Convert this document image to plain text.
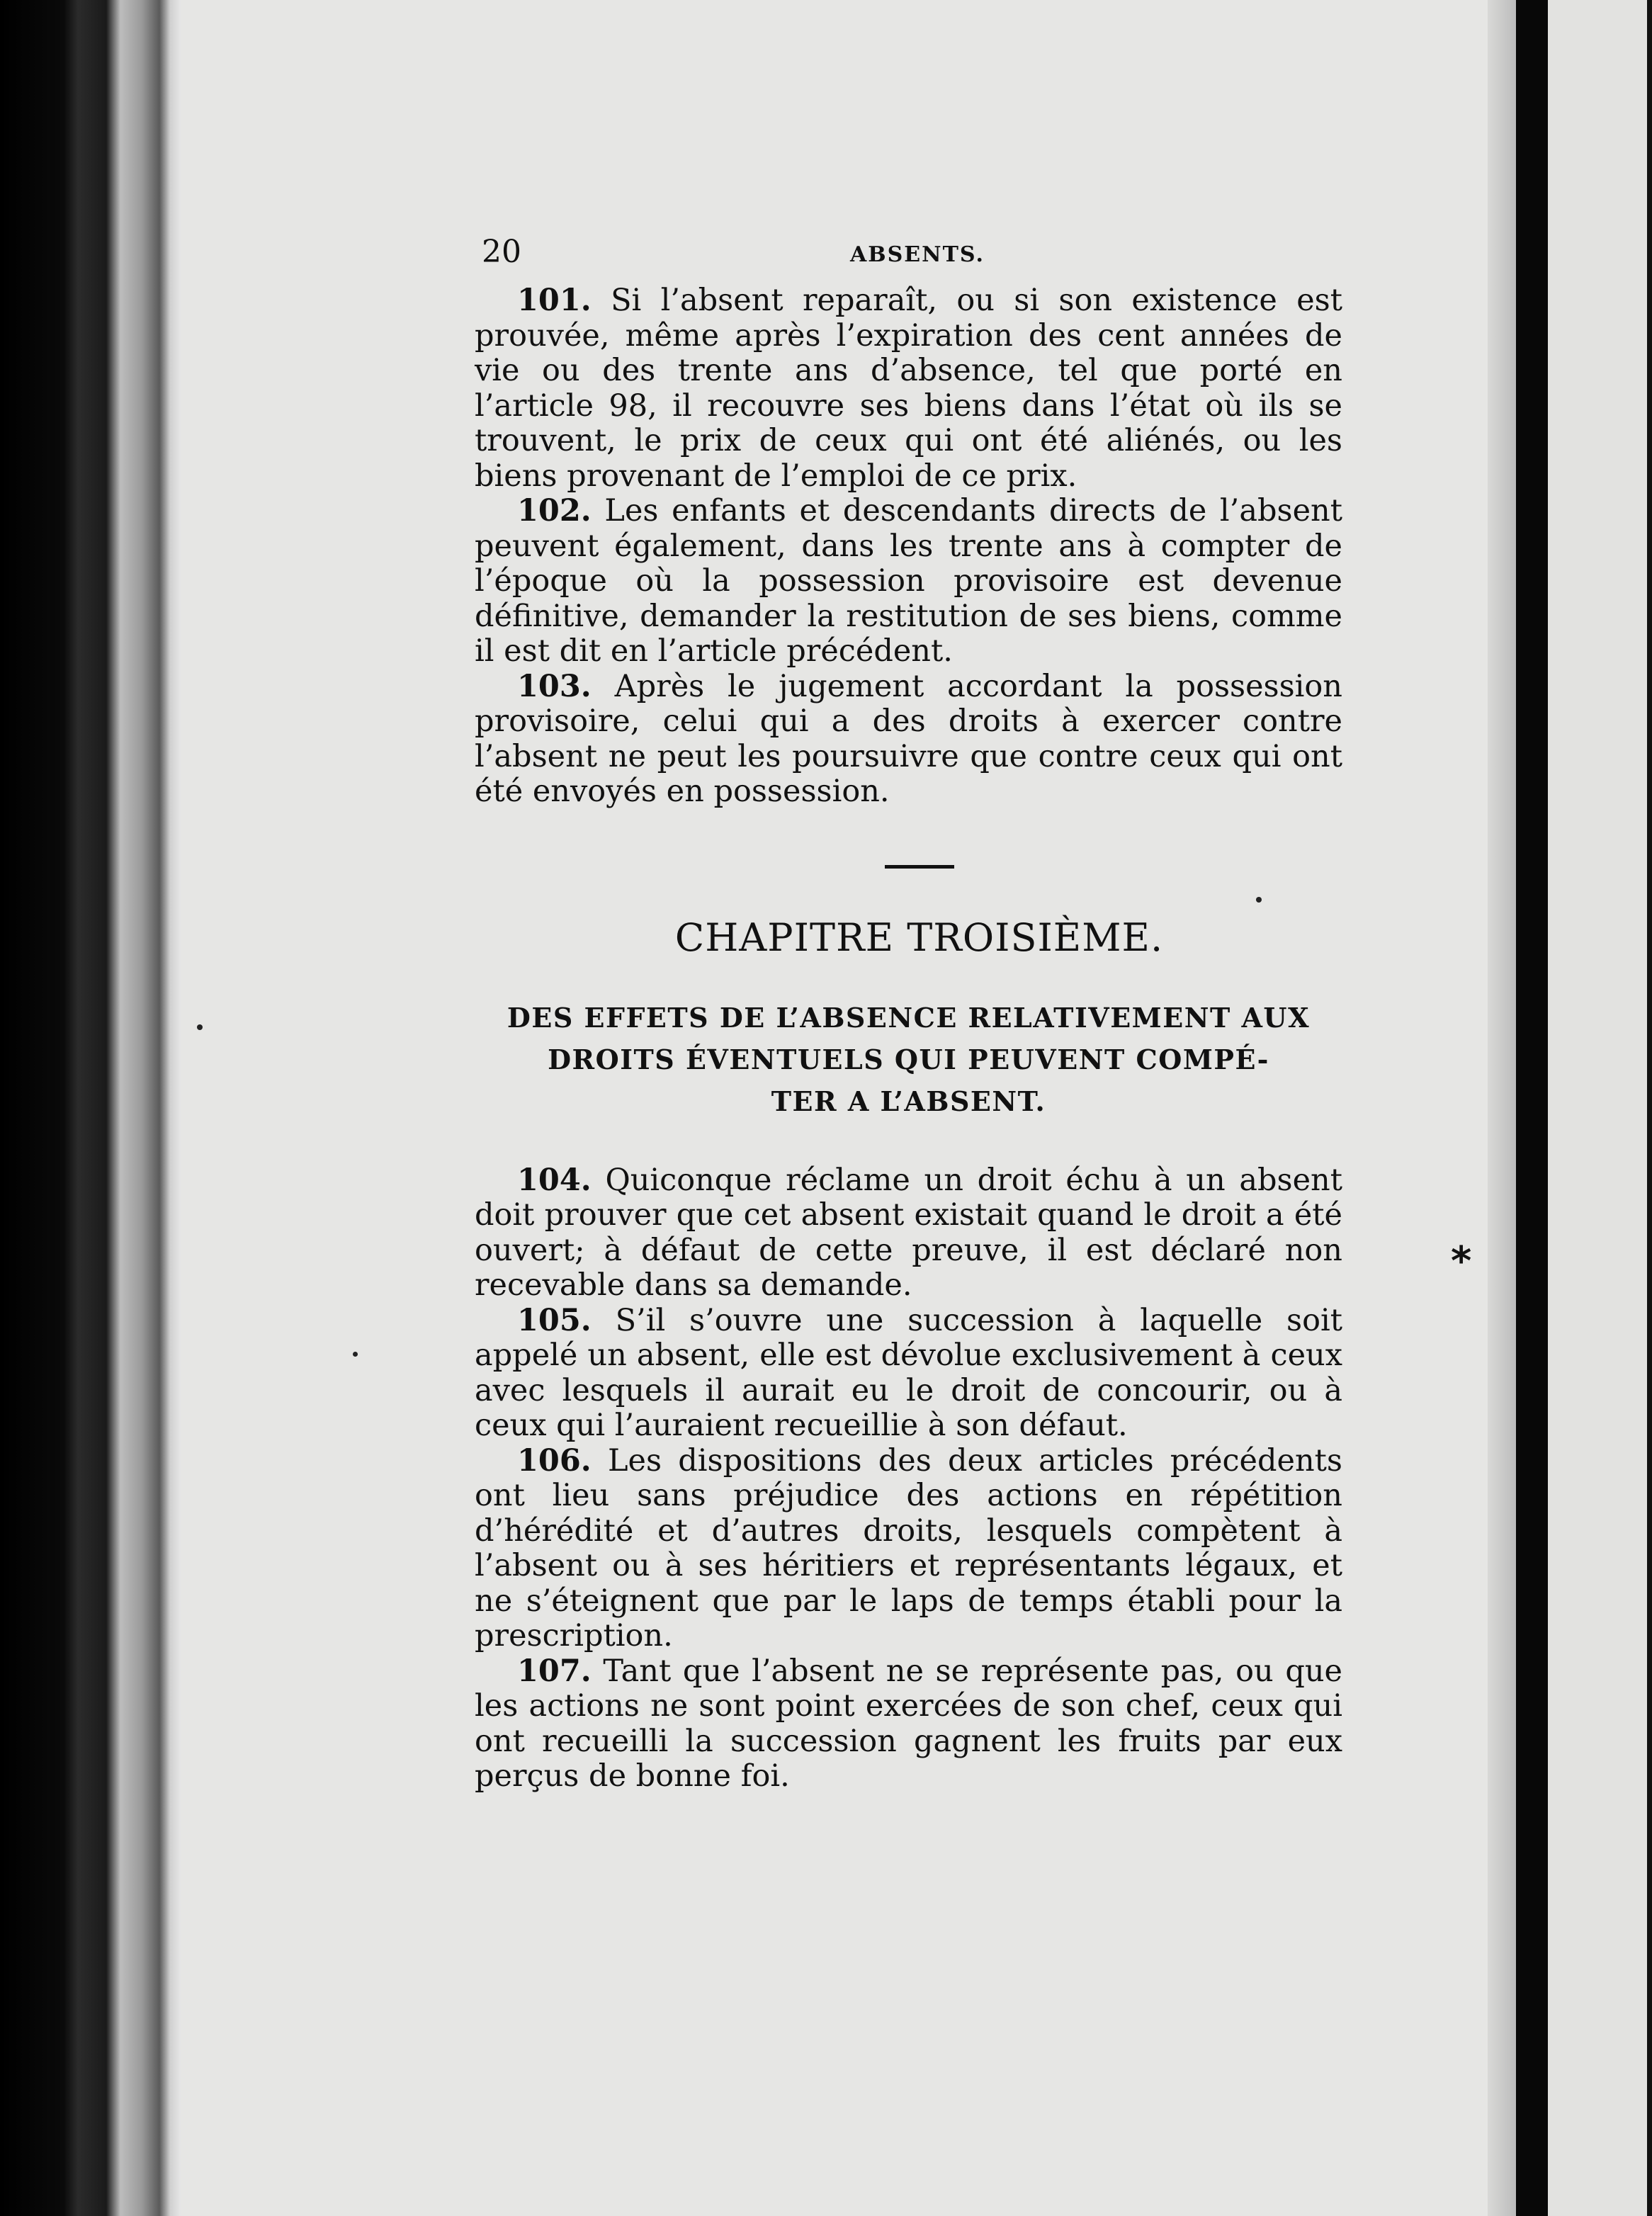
20	ABSENTS.

101. Si l’absent reparaît, ou si son existence est prouvée, même après l’expiration des cent années de vie ou des trente ans d’absence, tel que porté en l’article 98, il recouvre ses biens dans l’état où ils se trouvent, le prix de ceux qui ont été aliénés, ou les biens provenant de l’emploi de ce prix.

102. Les enfants et descendants directs de l’absent peuvent également, dans les trente ans à compter de l’époque où la possession provisoire est devenue définitive, demander la restitution de ses biens, comme il est dit en l’article précédent.

103. Après le jugement accordant la possession provisoire, celui qui a des droits à exercer contre l’absent ne peut les poursuivre que contre ceux qui ont été envoyés en possession.

CHAPITRE TROISIÈME.
DES EFFETS DE L’ABSENCE RELATIVEMENT AUX
DROITS ÉVENTUELS QUI PEUVENT COMPÉ-
TER A L’ABSENT.

104. Quiconque réclame un droit échu à un absent doit prouver que cet absent existait quand le droit a été ouvert; à défaut de cette preuve, il est déclaré non recevable dans sa demande.

105. S’il s’ouvre une succession à laquelle soit appelé un absent, elle est dévolue exclusivement à ceux avec lesquels il aurait eu le droit de concourir, ou à ceux qui l’auraient recueillie à son défaut.

106. Les dispositions des deux articles précédents ont lieu sans préjudice des actions en répétition d’hérédité et d’autres droits, lesquels compètent à l’absent ou à ses héritiers et représentants légaux, et ne s’éteignent que par le laps de temps établi pour la prescription.

107. Tant que l’absent ne se représente pas, ou que les actions ne sont point exercées de son chef, ceux qui ont recueilli la succession gagnent les fruits par eux perçus de bonne foi.

*
